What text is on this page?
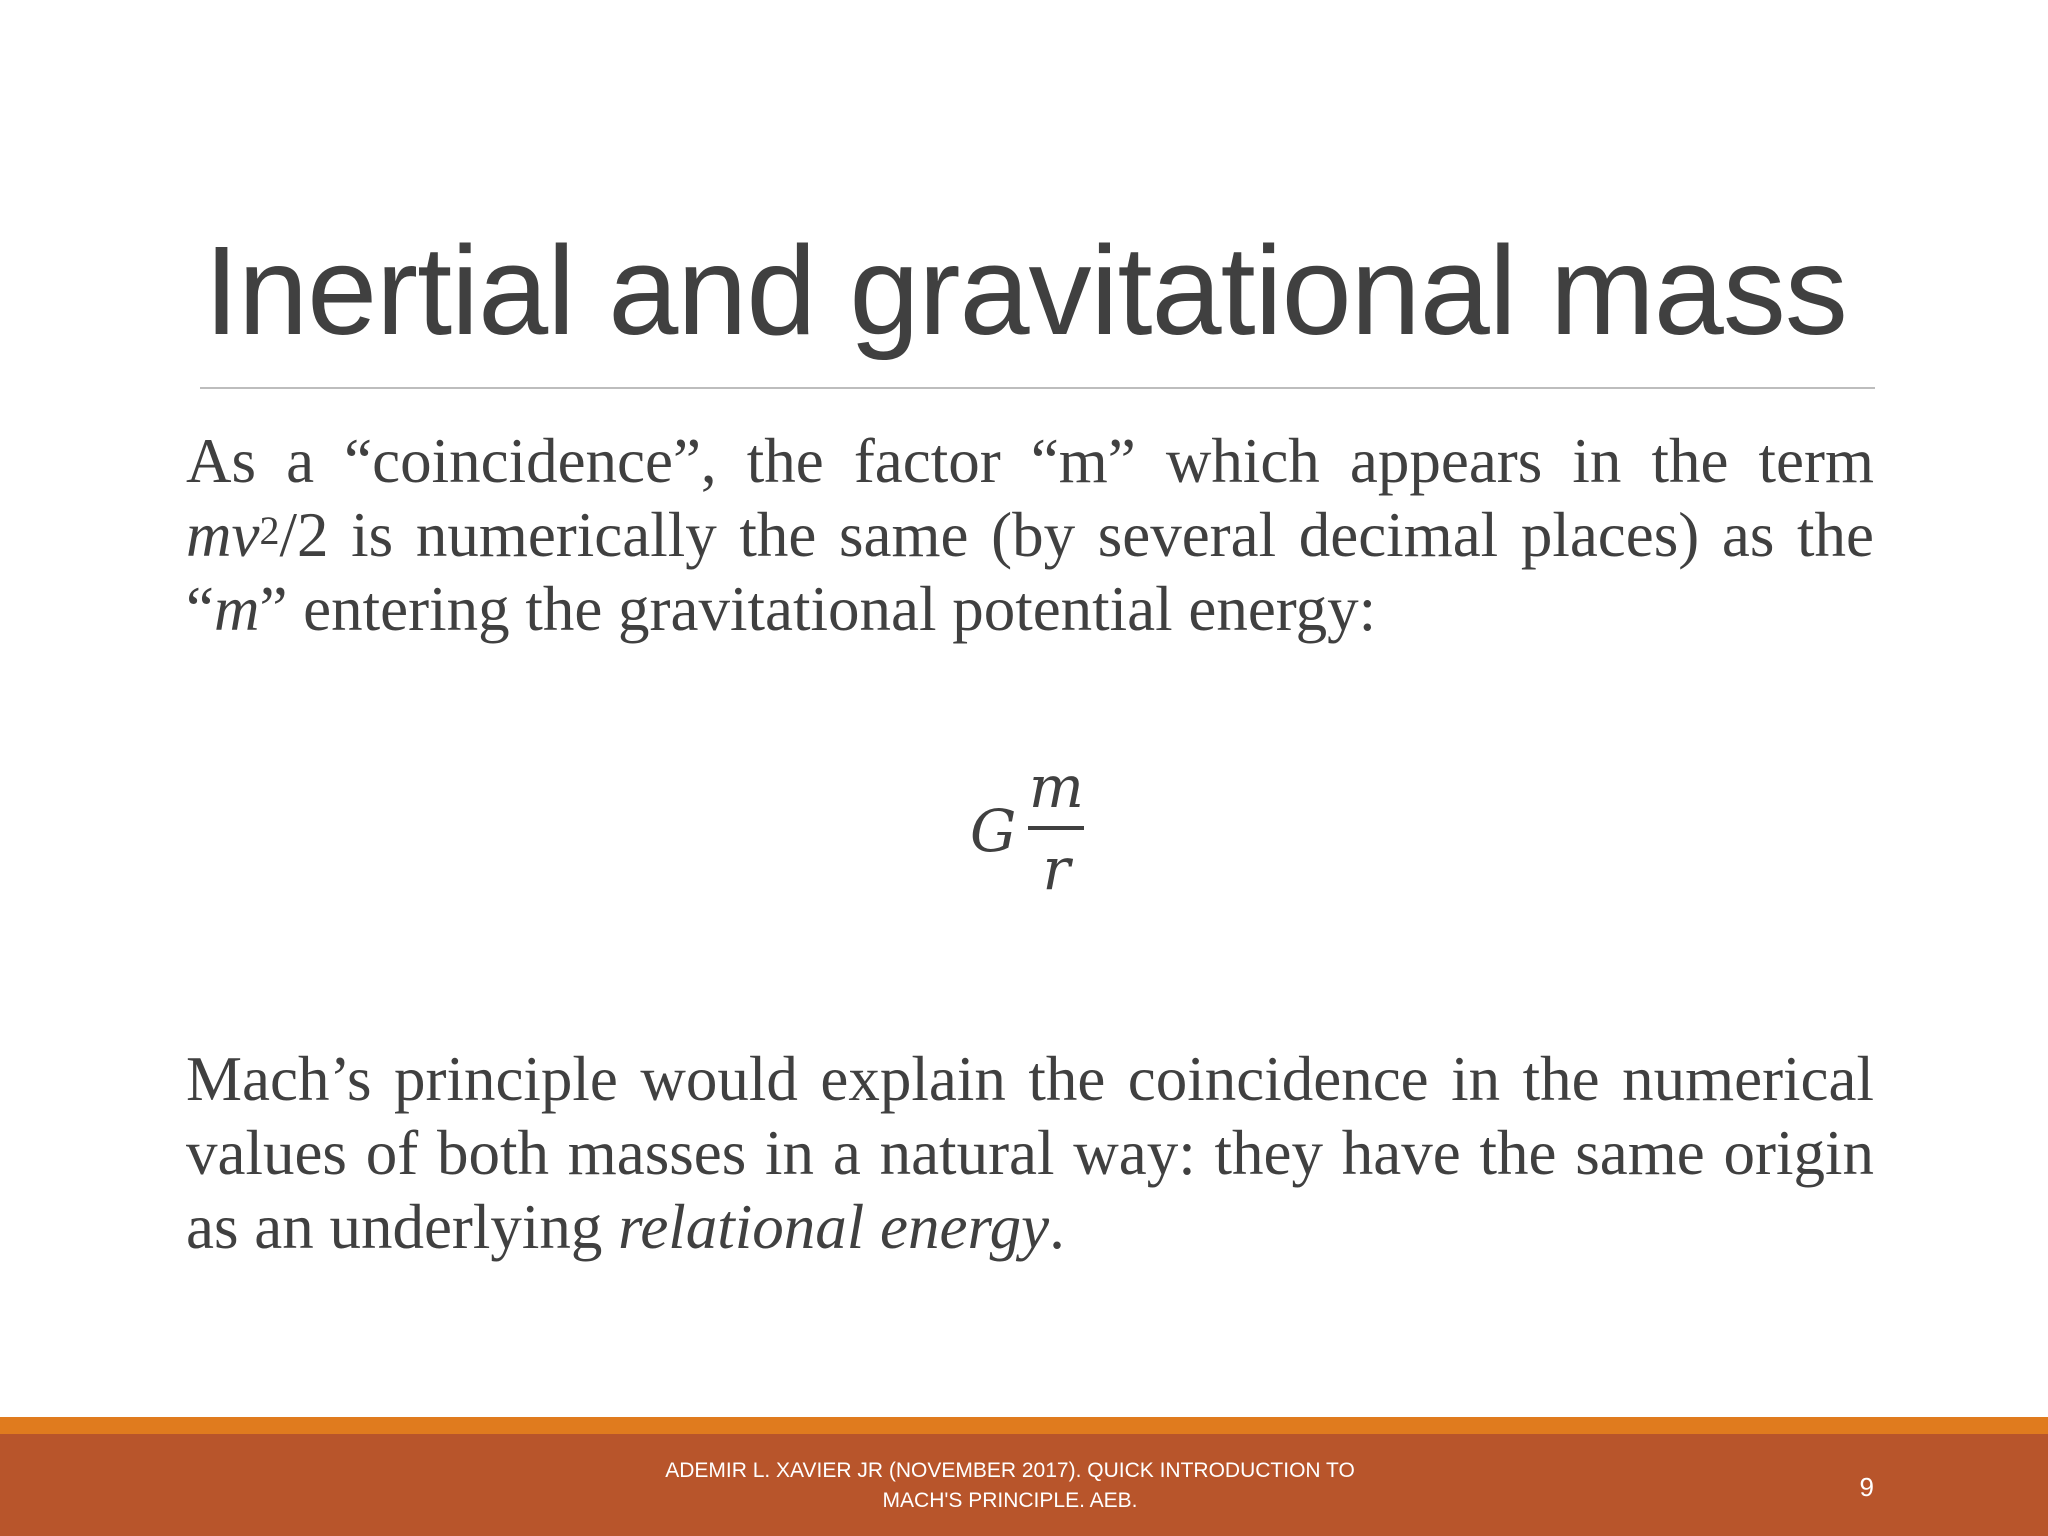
Inertial and gravitational mass
As a “coincidence”, the factor “m” which appears in the term $mv^2/2$ is numerically the same (by several decimal places) as the “m” entering the gravitational potential energy:
G $\frac{m}{r}$
Mach’s principle would explain the coincidence in the numerical values of both masses in a natural way: they have the same origin as an underlying relational energy.
ADEMIR L. XAVIER JR (NOVEMBER 2017). QUICK INTRODUCTION TO
MACH'S PRINCIPLE. AEB.	9
